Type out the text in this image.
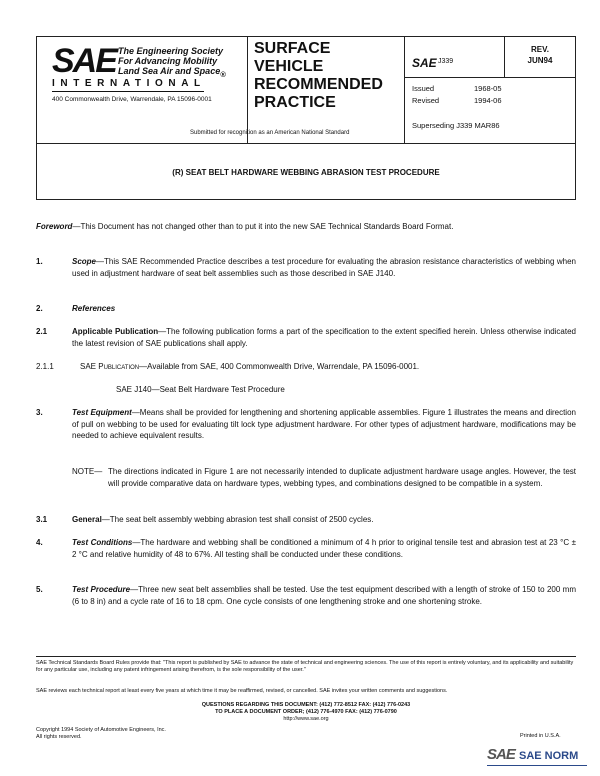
SAE The Engineering Society
For Advancing Mobility
Land Sea Air and Space$_®$
INTERNATIONAL
400 Commonwealth Drive, Warrendale, PA 15096-0001
SURFACE
VEHICLE
RECOMMENDED
PRACTICE
Submitted for recognition as an American National Standard
SAE J339
REV.
JUN94
Issued	1968-05
Revised	1994-06
Superseding J339 MAR86
(R) SEAT BELT HARDWARE WEBBING ABRASION TEST PROCEDURE
Foreword—This Document has not changed other than to put it into the new SAE Technical Standards Board Format.
1.	Scope—This SAE Recommended Practice describes a test procedure for evaluating the abrasion resistance characteristics of webbing when used in adjustment hardware of seat belt assemblies such as those described in SAE J140.
2.	References
2.1	Applicable Publication—The following publication forms a part of the specification to the extent specified herein. Unless otherwise indicated the latest revision of SAE publications shall apply.
2.1.1	SAE Publication—Available from SAE, 400 Commonwealth Drive, Warrendale, PA 15096-0001.
SAE J140—Seat Belt Hardware Test Procedure
3.	Test Equipment—Means shall be provided for lengthening and shortening applicable assemblies. Figure 1 illustrates the means and direction of pull on webbing to be used for evaluating tilt lock type adjustment hardware. For other types of adjustment hardware, modifications may be needed to achieve equivalent results.
NOTE— The directions indicated in Figure 1 are not necessarily intended to duplicate adjustment hardware usage angles. However, the test will provide comparative data on hardware types, webbing types, and combinations designed to be compatible in a system.
3.1	General—The seat belt assembly webbing abrasion test shall consist of 2500 cycles.
4.	Test Conditions—The hardware and webbing shall be conditioned a minimum of 4 h prior to original tensile test and abrasion test at 23 °C ± 2 °C and relative humidity of 48 to 67%. All testing shall be conducted under these conditions.
5.	Test Procedure—Three new seat belt assemblies shall be tested. Use the test equipment described with a length of stroke of 150 to 200 mm (6 to 8 in) and a cycle rate of 16 to 18 cpm. One cycle consists of one lengthening stroke and one shortening stroke.
SAE Technical Standards Board Rules provide that: "This report is published by SAE to advance the state of technical and engineering sciences. The use of this report is entirely voluntary, and its applicability and suitability for any particular use, including any patent infringement arising therefrom, is the sole responsibility of the user."
SAE reviews each technical report at least every five years at which time it may be reaffirmed, revised, or cancelled. SAE invites your written comments and suggestions.
QUESTIONS REGARDING THIS DOCUMENT: (412) 772-8512 FAX: (412) 776-0243
TO PLACE A DOCUMENT ORDER; (412) 776-4970 FAX: (412) 776-0790
http://www.sae.org
Copyright 1994 Society of Automotive Engineers, Inc.
All rights reserved.	Printed in U.S.A.
SAE SAE NORM
